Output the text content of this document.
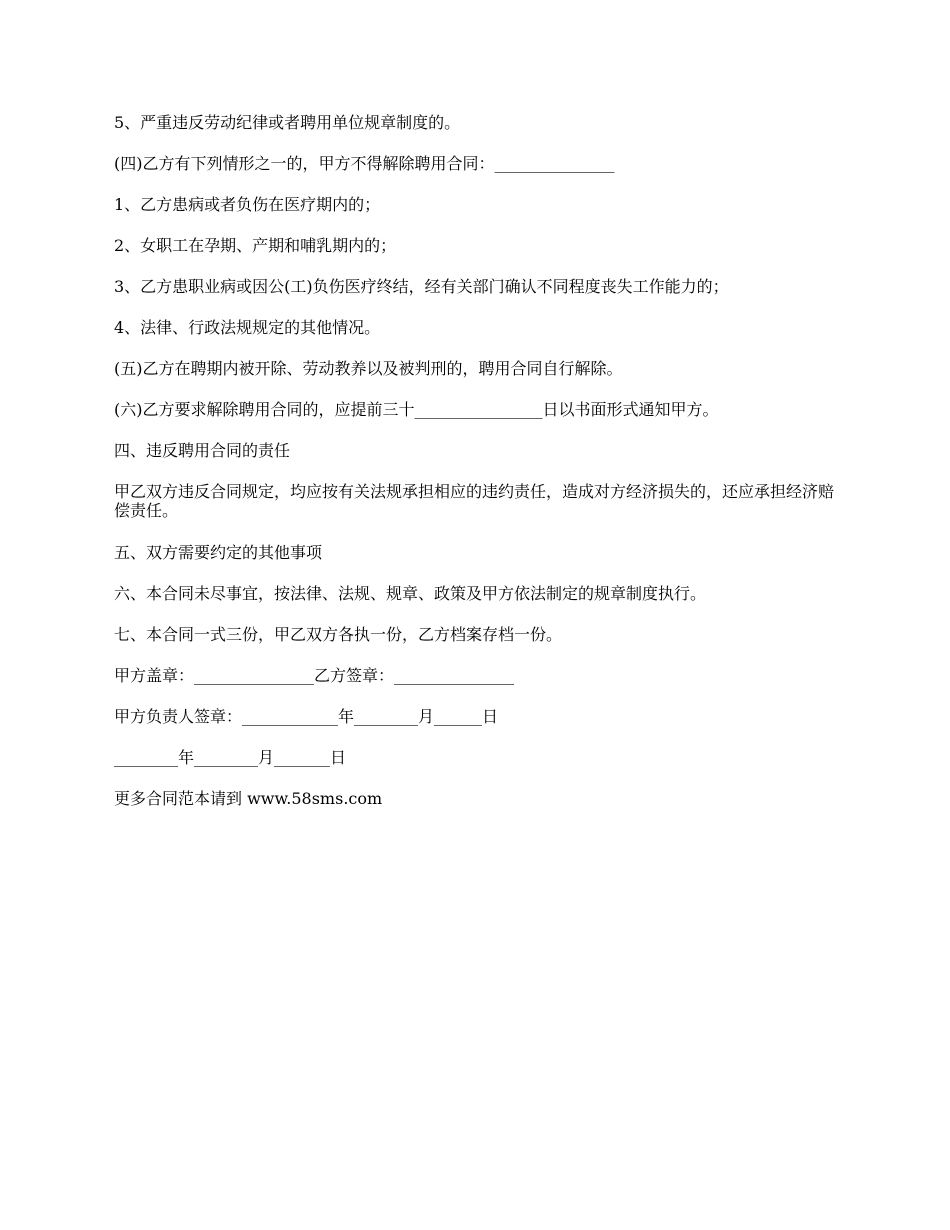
5、严重违反劳动纪律或者聘用单位规章制度的。

(四)乙方有下列情形之一的，甲方不得解除聘用合同：_______________

1、乙方患病或者负伤在医疗期内的；

2、女职工在孕期、产期和哺乳期内的；

3、乙方患职业病或因公(工)负伤医疗终结，经有关部门确认不同程度丧失工作能力的；

4、法律、行政法规规定的其他情况。

(五)乙方在聘期内被开除、劳动教养以及被判刑的，聘用合同自行解除。

(六)乙方要求解除聘用合同的，应提前三十________________日以书面形式通知甲方。

四、违反聘用合同的责任

甲乙双方违反合同规定，均应按有关法规承担相应的违约责任，造成对方经济损失的，还应承担经济赔偿责任。

五、双方需要约定的其他事项

六、本合同未尽事宜，按法律、法规、规章、政策及甲方依法制定的规章制度执行。

七、本合同一式三份，甲乙双方各执一份，乙方档案存档一份。

甲方盖章：_______________乙方签章：_______________

甲方负责人签章：____________年________月______日

________年________月_______日

更多合同范本请到 www.58sms.com
